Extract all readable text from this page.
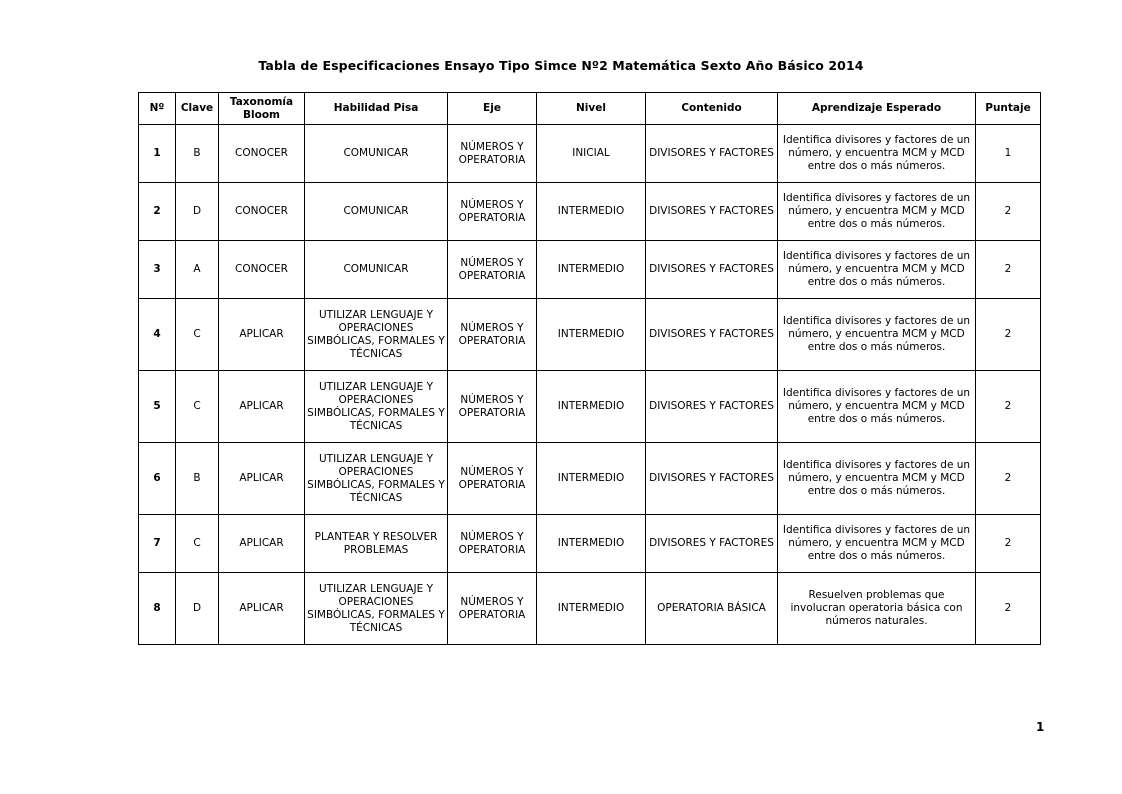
Tabla de Especificaciones Ensayo Tipo Simce Nº2 Matemática Sexto Año Básico 2014
Nº	Clave	Taxonomía Bloom	Habilidad Pisa	Eje	Nivel	Contenido	Aprendizaje Esperado	Puntaje
1	B	CONOCER	COMUNICAR	NÚMEROS Y OPERATORIA	INICIAL	DIVISORES Y FACTORES	Identifica divisores y factores de un número, y encuentra MCM y MCD entre dos o más números.	1
2	D	CONOCER	COMUNICAR	NÚMEROS Y OPERATORIA	INTERMEDIO	DIVISORES Y FACTORES	Identifica divisores y factores de un número, y encuentra MCM y MCD entre dos o más números.	2
3	A	CONOCER	COMUNICAR	NÚMEROS Y OPERATORIA	INTERMEDIO	DIVISORES Y FACTORES	Identifica divisores y factores de un número, y encuentra MCM y MCD entre dos o más números.	2
4	C	APLICAR	UTILIZAR LENGUAJE Y OPERACIONES SIMBÓLICAS, FORMALES Y TÉCNICAS	NÚMEROS Y OPERATORIA	INTERMEDIO	DIVISORES Y FACTORES	Identifica divisores y factores de un número, y encuentra MCM y MCD entre dos o más números.	2
5	C	APLICAR	UTILIZAR LENGUAJE Y OPERACIONES SIMBÓLICAS, FORMALES Y TÉCNICAS	NÚMEROS Y OPERATORIA	INTERMEDIO	DIVISORES Y FACTORES	Identifica divisores y factores de un número, y encuentra MCM y MCD entre dos o más números.	2
6	B	APLICAR	UTILIZAR LENGUAJE Y OPERACIONES SIMBÓLICAS, FORMALES Y TÉCNICAS	NÚMEROS Y OPERATORIA	INTERMEDIO	DIVISORES Y FACTORES	Identifica divisores y factores de un número, y encuentra MCM y MCD entre dos o más números.	2
7	C	APLICAR	PLANTEAR Y RESOLVER PROBLEMAS	NÚMEROS Y OPERATORIA	INTERMEDIO	DIVISORES Y FACTORES	Identifica divisores y factores de un número, y encuentra MCM y MCD entre dos o más números.	2
8	D	APLICAR	UTILIZAR LENGUAJE Y OPERACIONES SIMBÓLICAS, FORMALES Y TÉCNICAS	NÚMEROS Y OPERATORIA	INTERMEDIO	OPERATORIA BÁSICA	Resuelven problemas que involucran operatoria básica con números naturales.	2
1
